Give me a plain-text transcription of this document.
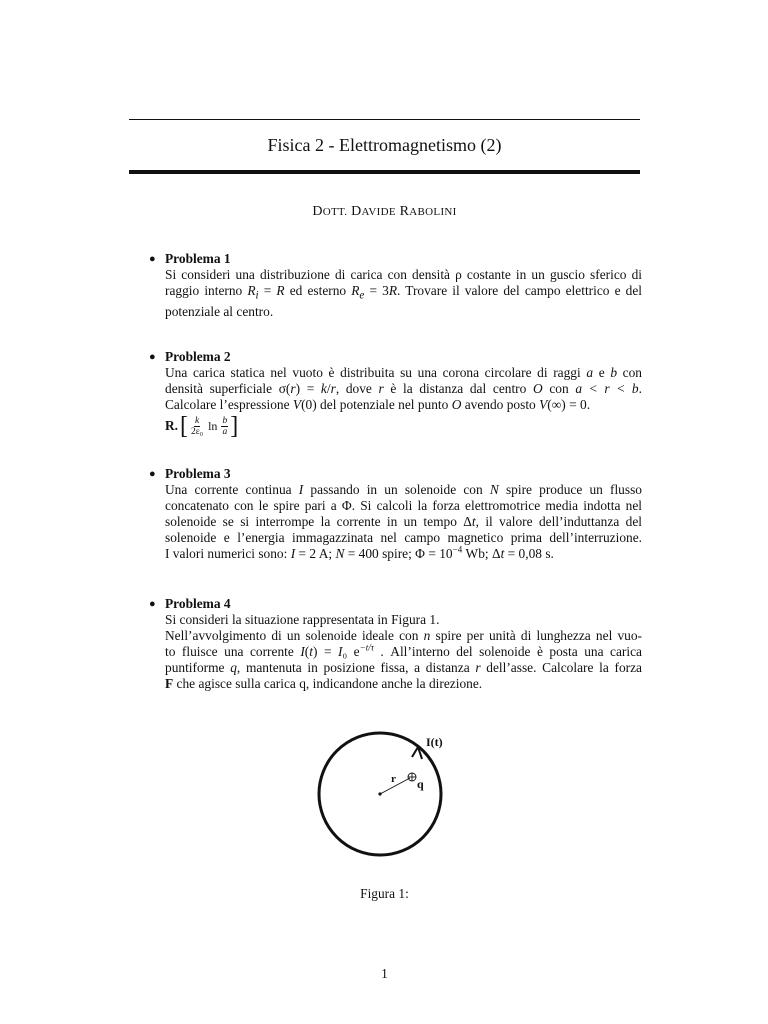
Fisica 2 - Elettromagnetismo (2)
DOTT. DAVIDE RABOLINI
● Problema 1
Si consideri una distribuzione di carica con densità ρ costante in un guscio sferico di
raggio interno $R_i = R$ ed esterno $R_e = 3R$. Trovare il valore del campo elettrico e del
potenziale al centro.
● Problema 2
Una carica statica nel vuoto è distribuita su una corona circolare di raggi a e b con
densità superficiale σ(r) = k/r, dove r è la distanza dal centro O con a < r < b.
Calcolare l’espressione V(0) del potenziale nel punto O avendo posto V(∞) = 0.
R. [ $\frac{k}{\text{2ε₀}}$ $\ln \frac{b}{a}$ ]
● Problema 3
Una corrente continua I passando in un solenoide con N spire produce un flusso
concatenato con le spire pari a Φ. Si calcoli la forza elettromotrice media indotta nel
solenoide se si interrompe la corrente in un tempo Δt, il valore dell’induttanza del
solenoide e l’energia immagazzinata nel campo magnetico prima dell’interruzione.
I valori numerici sono: I = 2 A; N = 400 spire; $\Phi = 10^{-4}$ Wb; Δt = 0,08 s.
● Problema 4
Si consideri la situazione rappresentata in Figura 1.
Nell’avvolgimento di un solenoide ideale con n spire per unità di lunghezza nel vuo-
to fluisce una corrente I(t) = I₀ $e^{-t/\tau}$ . All’interno del solenoide è posta una carica
puntiforme q, mantenuta in posizione fissa, a distanza r dell’asse. Calcolare la forza
F che agisce sulla carica q, indicandone anche la direzione.
I(t)
r q
Figura 1:
1
